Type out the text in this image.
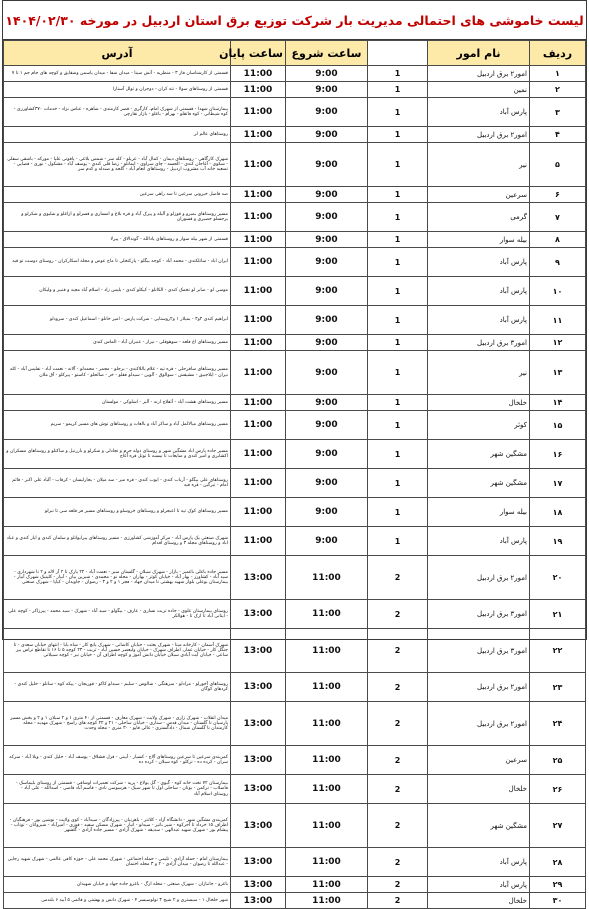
لیست خاموشی های احتمالی مدیریت بار شرکت توزیع برق استان اردبیل در مورخه ۱۴۰۴/۰۲/۳۰
ردیف	نام امور		ساعت شروع	ساعت پایان	آدرس
۱	امور۲ برق اردبیل	1	9:00	11:00	قسمتی از کارشناسان فاز ۳ - منظریه - آتش سینا - میدان شفا - میدان یاسمن وشقایق و کوچه های جام جم ۱ تا ۷
۲	نمین	1	9:00	11:00	قسمتی از روستاهای سولا - نته کران - دوجران و تولل آستارا
۳	پارس آباد	1	9:00	11:00	بیمارستان شهدا - قسمتی از شهرک امام، کارگری - قصر کارمندی - شاهزه - عباس نژاد - خدمات ۳۷۰کشاورزی - کوه شیطانی - کوه فاتقلو - بهرام - باغلو - بازار نقارچی
۴	امور۲ برق اردبیل	1	9:00	11:00	روستاهای عالم لر
۵	نیر	1	9:00	11:00	شهرک کارگاهی - روستاهای دیمان - کمال آباد - عربلو - کله سر - شمس بلاغی - یاقوتی علیا - مورکه - باشقی سفلی - شکوی - آغاجان کندی - الحسه - چای سراوی - ایمانلو - رضا قلی کندی - یوسف آباد - مشکول - نوری - قضایی - تضعیه خانه آب مشروب اردبیل - روستاهای انعام آباد - گلجه و صندله و کدم سر
۶	سرعین	1	9:00	11:00	صد قاصل خیرونی سرعین تا سه راهی سرعین
۷	گرمی	1	9:00	11:00	مسیر روستاهای بمبرو و قوزلو و آلیله و پیرک آباد و قره بلاغ و امساری و قسرلو و ازاغلو و شلیوی و شکرلو و برجسلو حصیری و قسوران
۸	بیله سوار	1	9:00	11:00	قسمتی از شهر بیله سوار و روستاهای یادالله - گوندالاق - پیرلا
۹	پارس آباد	1	9:00	11:00	ایران اباد - ساتلکندی - محمد آباد - کوجه بیگلو - پارکتخلی تا ماج عوض و محله اسکارکران - روستای دوست تو قبه
۱۰	پارس آباد	1	9:00	11:00	موسی لو - صابر لو تخمک کندی - الکانلو - کیکلو کندی - یلیس زاد - اسلام آباد مجید و قنبیر و ولیکان
۱۱	پارس آباد	1	9:00	11:00	ابراهیم کندی ۲و۳ - بمیلار ۱ و۲روستایی - شرکت پارس - امیر خانلو - اسماعیل کندی - سرودلو
۱۲	امور۳ برق اردبیل	1	9:00	11:00	مسیر روستاهای اغ قلعه - سوهوقلی - نیزار - عنبران آباد - الماس کندی
۱۳	نیر	1	9:00	11:00	مسیر روستاهای ساقرحلی - قره تپه - غلام باللاکندی - برجلو - مجمر - محمدلو - آلانه - نعمت آباد - نفلیس آباد - کله نیران - ایلاجبیق - مشیفش - سوالوق - آلوین - سیدلو فقلو - خر - صالحلو - کاستو - پیرکلو - آق ملان
۱۴	خلخال	1	9:00	11:00	مسیر روستاهای هشت آباد - آتفلاج ارنه - آلبر - اشلوکی - مولستان
۱۵	کوثر	1	9:00	11:00	مسیر روستاهای میالالمل آباد و ساکر آباد و بالغات و روستاهای توش های مسیر کریمو - سریم
۱۶	مشگین شهر	1	9:00	11:00	مسیر جاده پارس اباد مشگین شهر و روستای دوله جرم و تجادلی و شکرلو و باررنیل و ساکتلو و روستاهای مسکران و اکشایری و امیر کندی و ضایعات تا نیسبه تا تونل قره آغاج
۱۷	مشگین شهر	1	9:00	11:00	روستاهای علی بیگلو - آرباب کندی - ایوب کندی - قره میر - سد میلان - بجارلیسان - کرقاب - آلباد علی اکبر - قائم امام - تیرگین - قره قیه
۱۸	بیله سوار	1	9:00	11:00	مسیر روستاهای کوک تپه تا اعبجرلو و روستاهای خروسلو و روستاهای مسیر فر قلعه سی تا تبرلو
۱۹	پارس آباد	1	9:00	11:00	شهرک صنعتی یک پارس آباد - مرکز آموزشی کشاورزی - مسیر روستاهای پیرایوانلو و سلمان کندی و ایار کندی و عباد اباد و روستاهای مجله ۳ و روستای اقدام
۲۰	امور۲ برق اردبیل	2	11:00	13:00	مسیر جاده باغلی باغمیر - بازار - شهرک سبلان - گلستان سبز - نعمت آباد - ۲۲ پارک تا ۲ آر لاله و ۲ تا شهرداری - سید آباد - کشاورز - بهار آباد - خیابان کوثر - بهاران - محله نو - محمدی - شیرین بیان - آبیار - کلینیک شهرک آبیار - بیمارستان بوعلی بلوار شهید بهشتی تا میدان جهاد - فجر ۱ و ۲ و ۳ - رضوان - جاویدان - کیاپا - شهرک صنعتی
۲۱	امور۳ برق اردبیل	2	11:00	13:00	روستای بیمارستان علوی - جاده تربت نساری - عارف - بیگولو - سید آباد - شهرک - سید محمد - پیرزاکر - کوچه علی - ایتانی آباد تا ارک تا - هوالکر
۲۲	امور۳ برق اردبیل	2	11:00	13:00	شهرک آسمان - کارخانه مینا - شهرک بعثت - خیابان کاشانی - شهرک پانچ کار - شاه بابا - انتهای خیابان سعدی - تا جنگل کار - خیابان عمار، اطراف شهرک - خیابان ولیعصر حسین آباد - تربت - ۲۳ کوچه ۵ تا ۱۶ تا تقاطع تراس بیز ساعی - خیابان آیت آبادی سبلان خیابان دانش آموز و کوچه اطراف آن - خیابان نیر - کوچه سبیلانی
۲۳	امور۲ برق اردبیل	2	11:00	13:00	روستاهای آخورلو - مرادلو - سرهنگی - شالوس - سلیم - سیدلو کاکو - قوریجان - پیکه کوه - ساتلو - خلیل کندی - کردهای کوگان
۲۴	امور۲ برق اردبیل	2	11:00	13:00	میدان انقلاب - شهرک زاری - شهرک ولایت - شهرک معارف - قسمتی از ۴۰ متری ۱ و ۲ سبلان ۱ و ۲ و بخش مسیر پارسیان تا گلستان - میدان قدس - ستاری - خیابان ساحلی - ۲۱ و ۲۲ کوچه های راسخ - شهرک مهدیه - محله کارمندان تا گلستان شمال - دادگستری - عالی قاپو - ۳۰ متری - محله وحدت
۲۵	سرعین	2	11:00	13:00	کمربندی سرعین تا سرعین روستاهای آلاج - کسیار - آیینی - قزل قشلاق - یوسف آباد - خلیل کندی - ویلا آباد - سرکه سران - کرده ده - ترکلو - کوه سبلان - کرده ده
۲۶	خلخال	2	11:00	13:00	بیمارستان ۷۲ تخت خانه کوه - گیوی - گل بولاغ - پرپه - شرکت تعمیرات اوشاقی - قسمتی از روستای بلیماسک - فاضلاب - ترکمن - بوتان - ساحلی اول تا شهر سیک - هرسوسن نادی - قاسم آباد قاضی - اسدالله - علی آباد - روستای اسلام آباد
۲۷	مشگین شهر	2	11:00	13:00	کمربندی مشگین شهر - دانشگاه آزاد - کلانتر - باهرنیان - پیرزادگان - سیدآباد - کوی ولایت - نوشین بور - فرهنگیان - اطراف ۱۵ خرداد تا آخرکوه - شیر باتیر - سیدلو - انبار - شهرک مسکن سفید - قوری - امیرآباد - شیروانان - توتاب - پیشام بور - شهرک شهید عبدالهی - سدیقه - شهرک آزادی - مسیر جاده آزادی - گلشهر
۲۸	پارس آباد	2	11:00	13:00	بیمارستان امام - حمله آزادی - تلیمی - حمله اجتماعی - شهرک محمد علی - حوزه کافی عالمی - شهرک شهید رجایی - عبدالله تا رضوان - میدان آزادی - ۲ و ۳ محله اختمان
۲۹	پارس آباد	2	11:00	13:00	باغرو - جانبازان - شهرک صنعتی - محله ازگ - باغرو جاده جهاد و خیابان شهیدان
۳۰	خلخال	2	11:00	13:00	شهر خلخال ۱ - سیستری و ۲ شیخ ۳ تولوسیسر ۴ - شهرک دانش و بهشتی و قائمی ۵ آبید ۶ بلندمی
